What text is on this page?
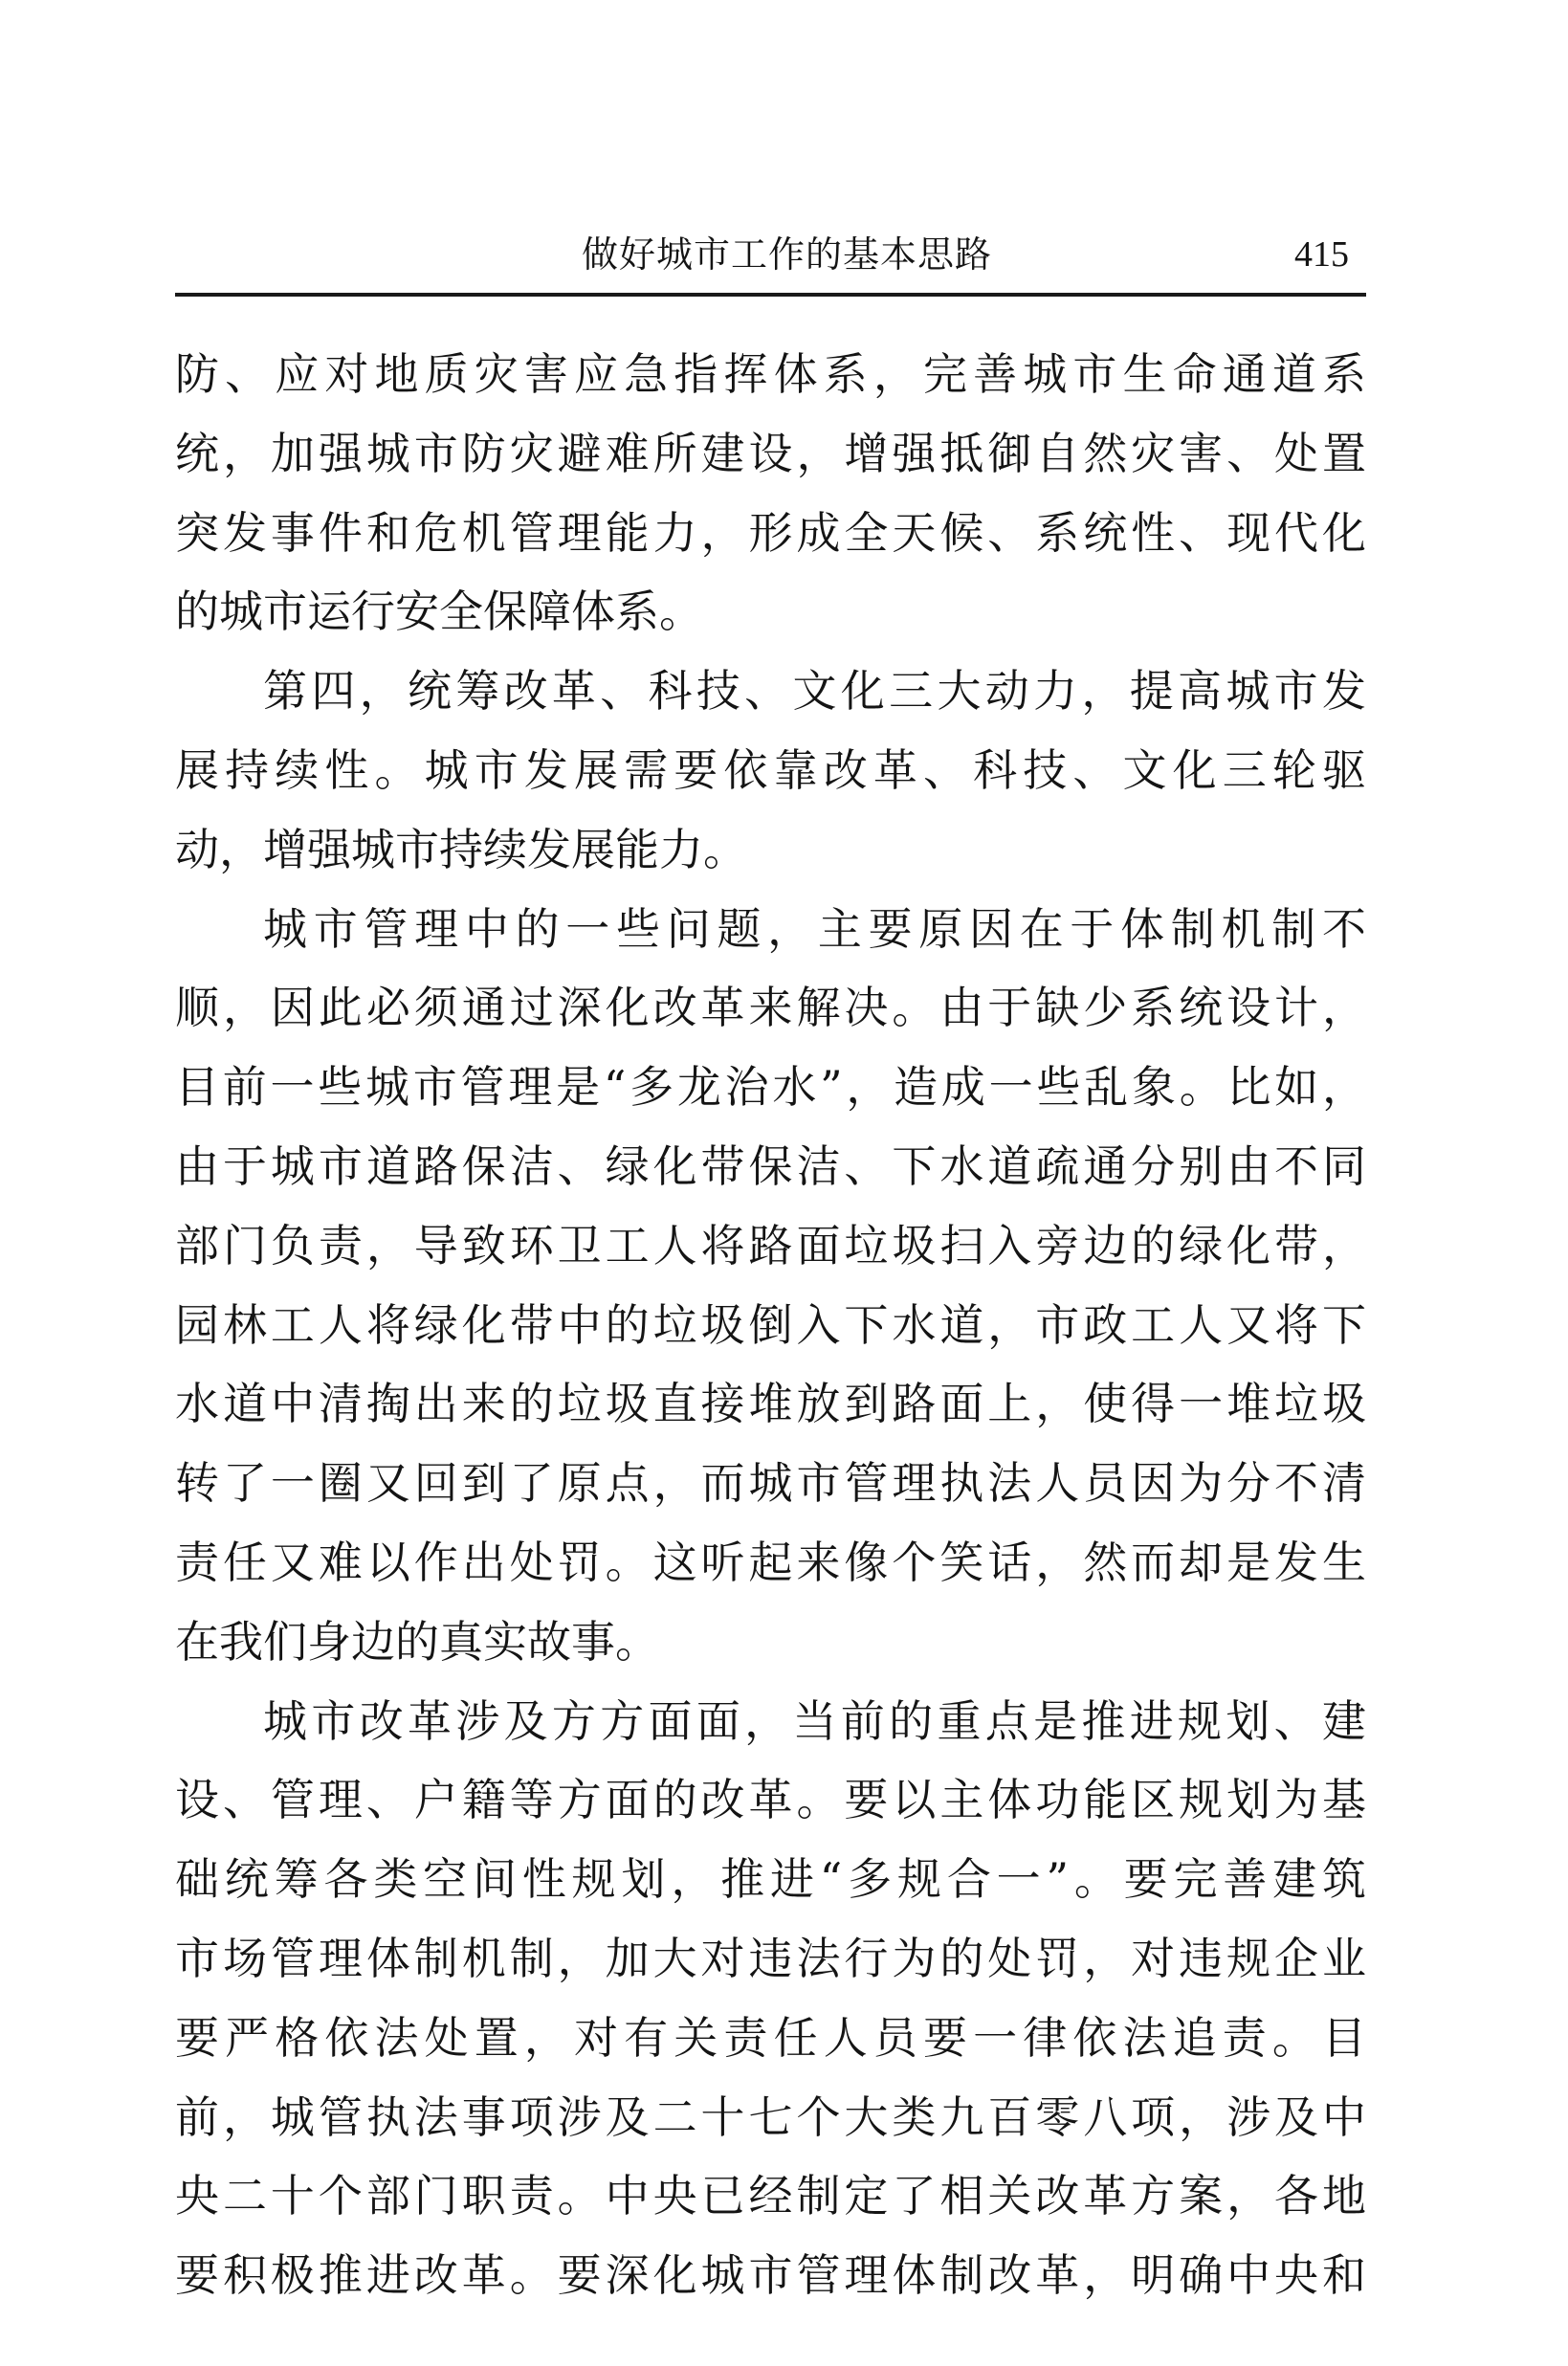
做好城市工作的基本思路	415
防、应对地质灾害应急指挥体系，完善城市生命通道系
统，加强城市防灾避难所建设，增强抵御自然灾害、处置
突发事件和危机管理能力，形成全天候、系统性、现代化
的城市运行安全保障体系。
第四，统筹改革、科技、文化三大动力，提高城市发
展持续性。城市发展需要依靠改革、科技、文化三轮驱
动，增强城市持续发展能力。
城市管理中的一些问题，主要原因在于体制机制不
顺，因此必须通过深化改革来解决。由于缺少系统设计，
目前一些城市管理是“多龙治水”，造成一些乱象。比如，
由于城市道路保洁、绿化带保洁、下水道疏通分别由不同
部门负责，导致环卫工人将路面垃圾扫入旁边的绿化带，
园林工人将绿化带中的垃圾倒入下水道，市政工人又将下
水道中清掏出来的垃圾直接堆放到路面上，使得一堆垃圾
转了一圈又回到了原点，而城市管理执法人员因为分不清
责任又难以作出处罚。这听起来像个笑话，然而却是发生
在我们身边的真实故事。
城市改革涉及方方面面，当前的重点是推进规划、建
设、管理、户籍等方面的改革。要以主体功能区规划为基
础统筹各类空间性规划，推进“多规合一”。要完善建筑
市场管理体制机制，加大对违法行为的处罚，对违规企业
要严格依法处置，对有关责任人员要一律依法追责。目
前，城管执法事项涉及二十七个大类九百零八项，涉及中
央二十个部门职责。中央已经制定了相关改革方案，各地
要积极推进改革。要深化城市管理体制改革，明确中央和
